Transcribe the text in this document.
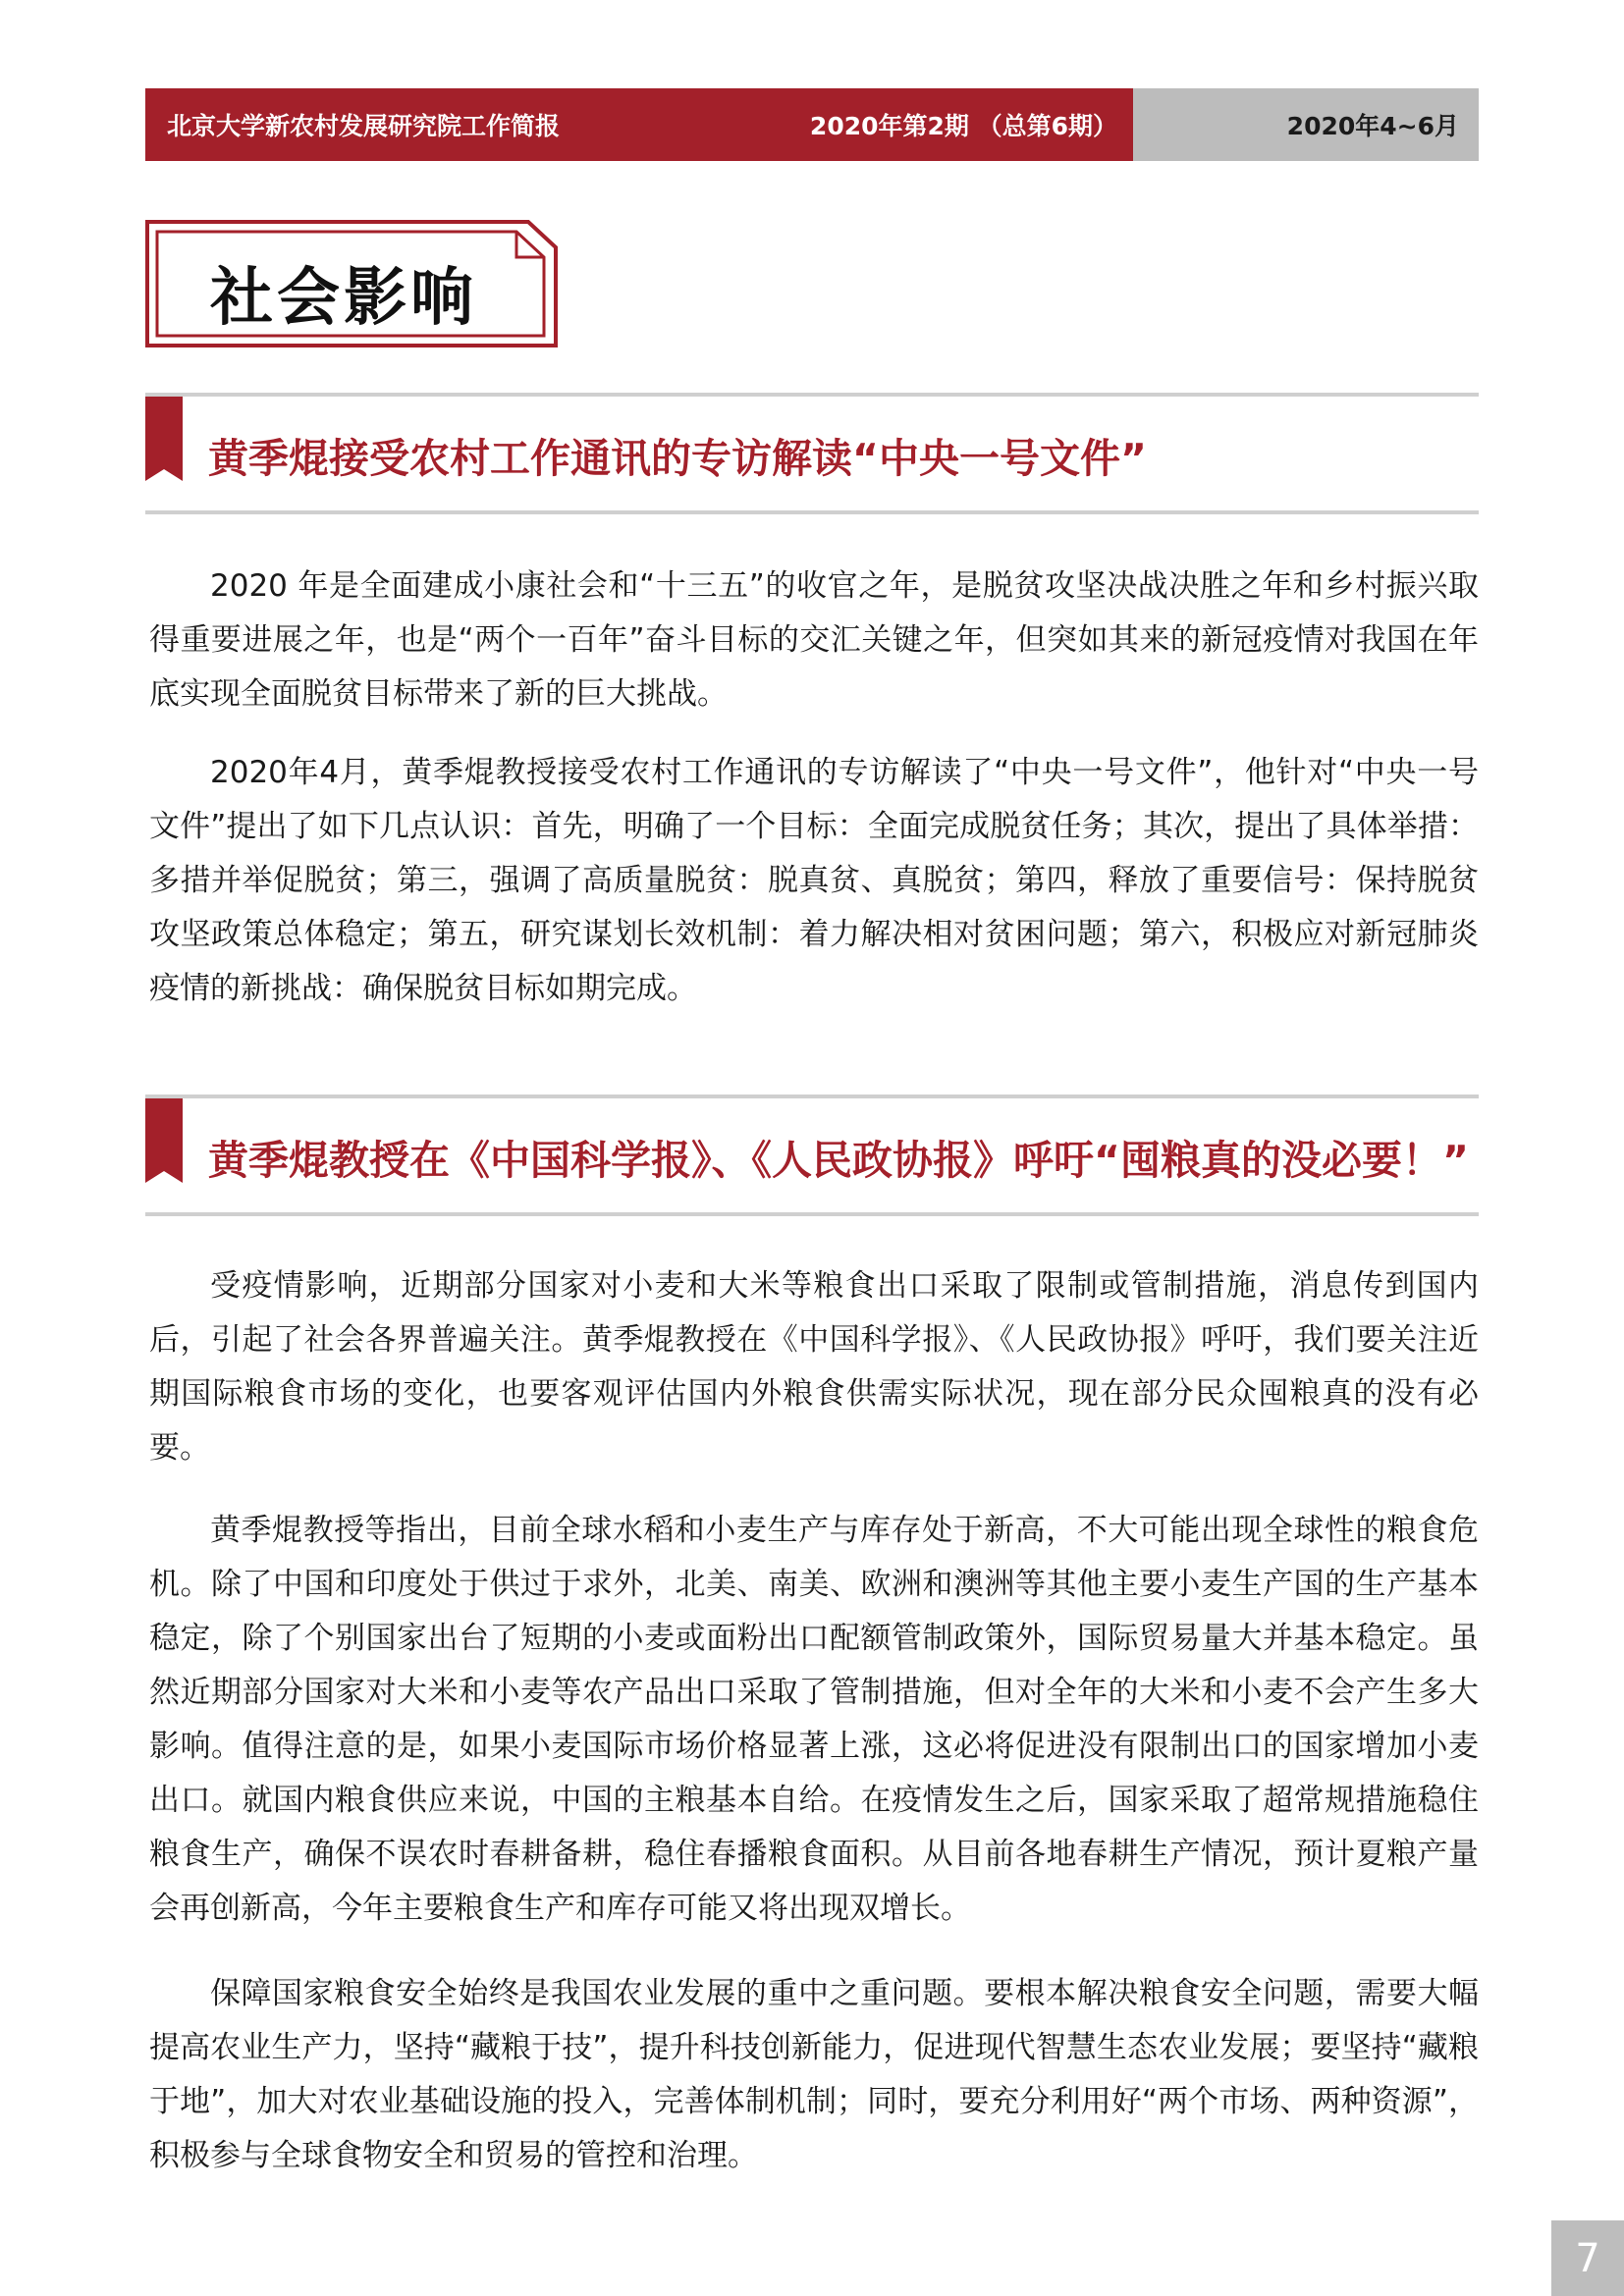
北京大学新农村发展研究院工作简报	2020年第2期 （总第6期）	2020年4~6月
社会影响
黄季焜接受农村工作通讯的专访解读“中央一号文件”

2020 年是全面建成小康社会和“十三五”的收官之年，是脱贫攻坚决战决胜之年和乡村振兴取得重要进展之年，也是“两个一百年”奋斗目标的交汇关键之年，但突如其来的新冠疫情对我国在年底实现全面脱贫目标带来了新的巨大挑战。

2020年4月，黄季焜教授接受农村工作通讯的专访解读了“中央一号文件”，他针对“中央一号文件”提出了如下几点认识：首先，明确了一个目标：全面完成脱贫任务；其次，提出了具体举措：多措并举促脱贫；第三，强调了高质量脱贫：脱真贫、真脱贫；第四，释放了重要信号：保持脱贫攻坚政策总体稳定；第五，研究谋划长效机制：着力解决相对贫困问题；第六，积极应对新冠肺炎疫情的新挑战：确保脱贫目标如期完成。

黄季焜教授在《中国科学报》、《人民政协报》呼吁“囤粮真的没必要！”

受疫情影响，近期部分国家对小麦和大米等粮食出口采取了限制或管制措施，消息传到国内后，引起了社会各界普遍关注。黄季焜教授在《中国科学报》、《人民政协报》呼吁，我们要关注近期国际粮食市场的变化，也要客观评估国内外粮食供需实际状况，现在部分民众囤粮真的没有必要。

黄季焜教授等指出，目前全球水稻和小麦生产与库存处于新高，不大可能出现全球性的粮食危机。除了中国和印度处于供过于求外，北美、南美、欧洲和澳洲等其他主要小麦生产国的生产基本稳定，除了个别国家出台了短期的小麦或面粉出口配额管制政策外，国际贸易量大并基本稳定。虽然近期部分国家对大米和小麦等农产品出口采取了管制措施，但对全年的大米和小麦不会产生多大影响。值得注意的是，如果小麦国际市场价格显著上涨，这必将促进没有限制出口的国家增加小麦出口。就国内粮食供应来说，中国的主粮基本自给。在疫情发生之后，国家采取了超常规措施稳住粮食生产，确保不误农时春耕备耕，稳住春播粮食面积。从目前各地春耕生产情况，预计夏粮产量会再创新高，今年主要粮食生产和库存可能又将出现双增长。

保障国家粮食安全始终是我国农业发展的重中之重问题。要根本解决粮食安全问题，需要大幅提高农业生产力，坚持“藏粮于技”，提升科技创新能力，促进现代智慧生态农业发展；要坚持“藏粮于地”，加大对农业基础设施的投入，完善体制机制；同时，要充分利用好“两个市场、两种资源”，积极参与全球食物安全和贸易的管控和治理。

7
